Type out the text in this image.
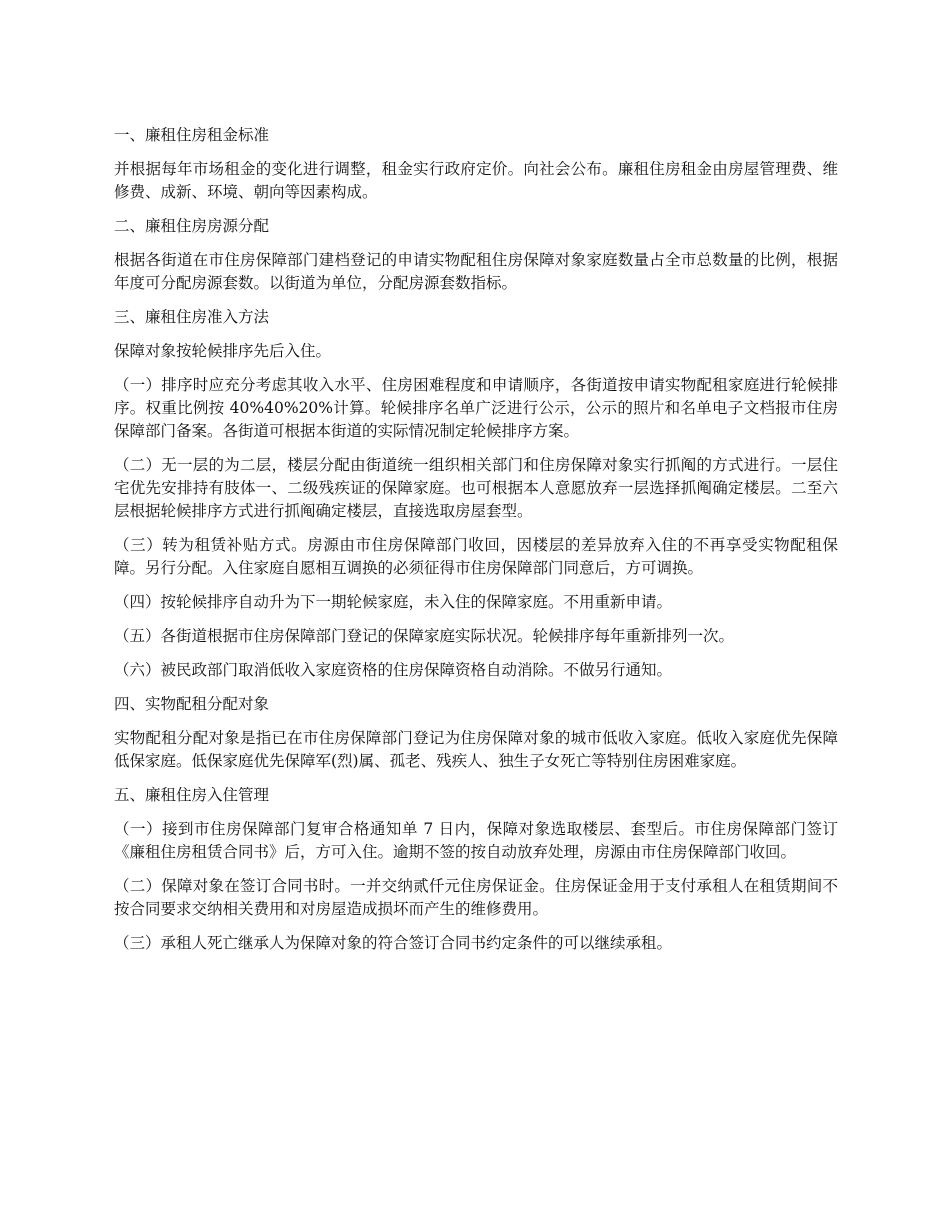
一、廉租住房租金标准

并根据每年市场租金的变化进行调整，租金实行政府定价。向社会公布。廉租住房租金由房屋管理费、维修费、成新、环境、朝向等因素构成。

二、廉租住房房源分配

根据各街道在市住房保障部门建档登记的申请实物配租住房保障对象家庭数量占全市总数量的比例，根据年度可分配房源套数。以街道为单位，分配房源套数指标。

三、廉租住房准入方法

保障对象按轮候排序先后入住。

（一）排序时应充分考虑其收入水平、住房困难程度和申请顺序，各街道按申请实物配租家庭进行轮候排序。权重比例按 40%40%20%计算。轮候排序名单广泛进行公示，公示的照片和名单电子文档报市住房保障部门备案。各街道可根据本街道的实际情况制定轮候排序方案。

（二）无一层的为二层，楼层分配由街道统一组织相关部门和住房保障对象实行抓阄的方式进行。一层住宅优先安排持有肢体一、二级残疾证的保障家庭。也可根据本人意愿放弃一层选择抓阄确定楼层。二至六层根据轮候排序方式进行抓阄确定楼层，直接选取房屋套型。

（三）转为租赁补贴方式。房源由市住房保障部门收回，因楼层的差异放弃入住的不再享受实物配租保障。另行分配。入住家庭自愿相互调换的必须征得市住房保障部门同意后，方可调换。

（四）按轮候排序自动升为下一期轮候家庭，未入住的保障家庭。不用重新申请。

（五）各街道根据市住房保障部门登记的保障家庭实际状况。轮候排序每年重新排列一次。

（六）被民政部门取消低收入家庭资格的住房保障资格自动消除。不做另行通知。

四、实物配租分配对象

实物配租分配对象是指已在市住房保障部门登记为住房保障对象的城市低收入家庭。低收入家庭优先保障低保家庭。低保家庭优先保障军(烈)属、孤老、残疾人、独生子女死亡等特别住房困难家庭。

五、廉租住房入住管理

（一）接到市住房保障部门复审合格通知单 7 日内，保障对象选取楼层、套型后。市住房保障部门签订《廉租住房租赁合同书》后，方可入住。逾期不签的按自动放弃处理，房源由市住房保障部门收回。

（二）保障对象在签订合同书时。一并交纳贰仟元住房保证金。住房保证金用于支付承租人在租赁期间不按合同要求交纳相关费用和对房屋造成损坏而产生的维修费用。

（三）承租人死亡继承人为保障对象的符合签订合同书约定条件的可以继续承租。
